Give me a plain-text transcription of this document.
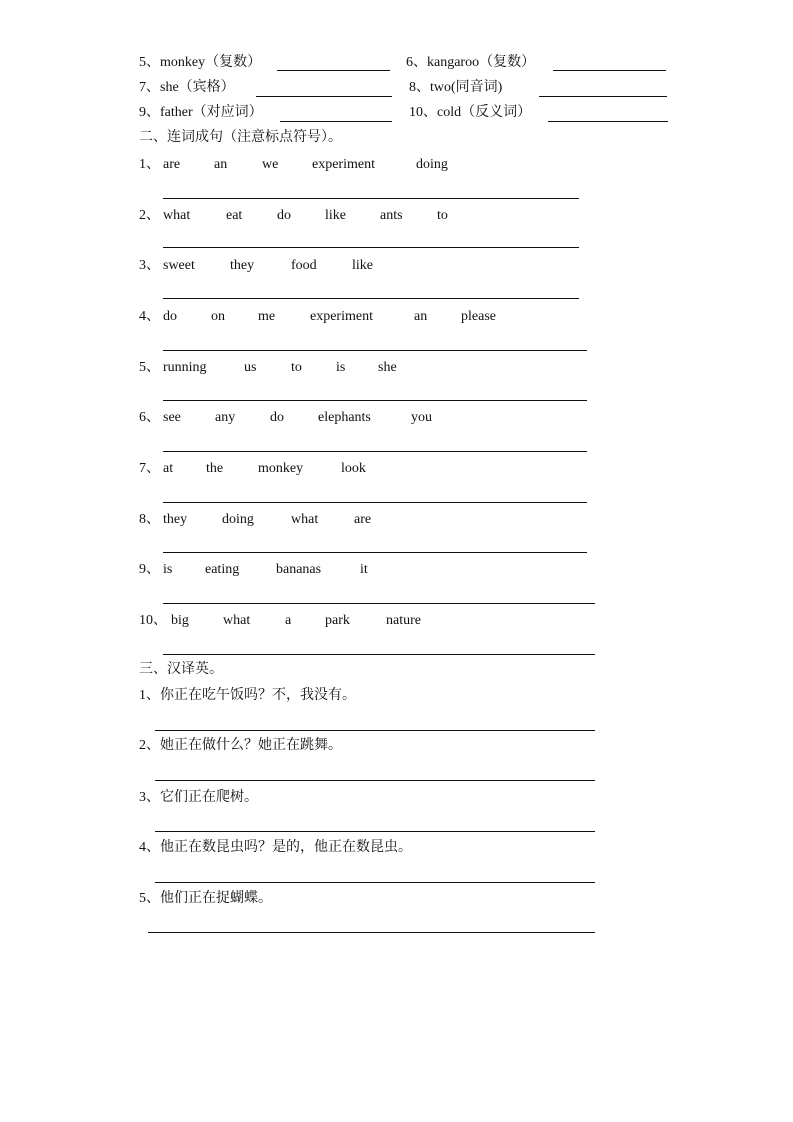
5、monkey（复数）	6、kangaroo（复数）
7、she（宾格）	8、two(同音词)
9、father（对应词）	10、cold（反义词）
二、连词成句（注意标点符号）。
1、 are an we experiment	doing
2、 what	eat do like ants to
3、 sweet	they	food	like
4、 do on me experiment	an please
5、 running	us to is she
6、 see any do elephants	you
7、 at the monkey	look
8、 they doing	what	are
9、 is eating	bananas	it
10、 big what a park	nature
三、汉译英。
1、你正在吃午饭吗？不，我没有。
2、她正在做什么？她正在跳舞。
3、它们正在爬树。
4、他正在数昆虫吗？是的，他正在数昆虫。
5、他们正在捉蝴蝶。
